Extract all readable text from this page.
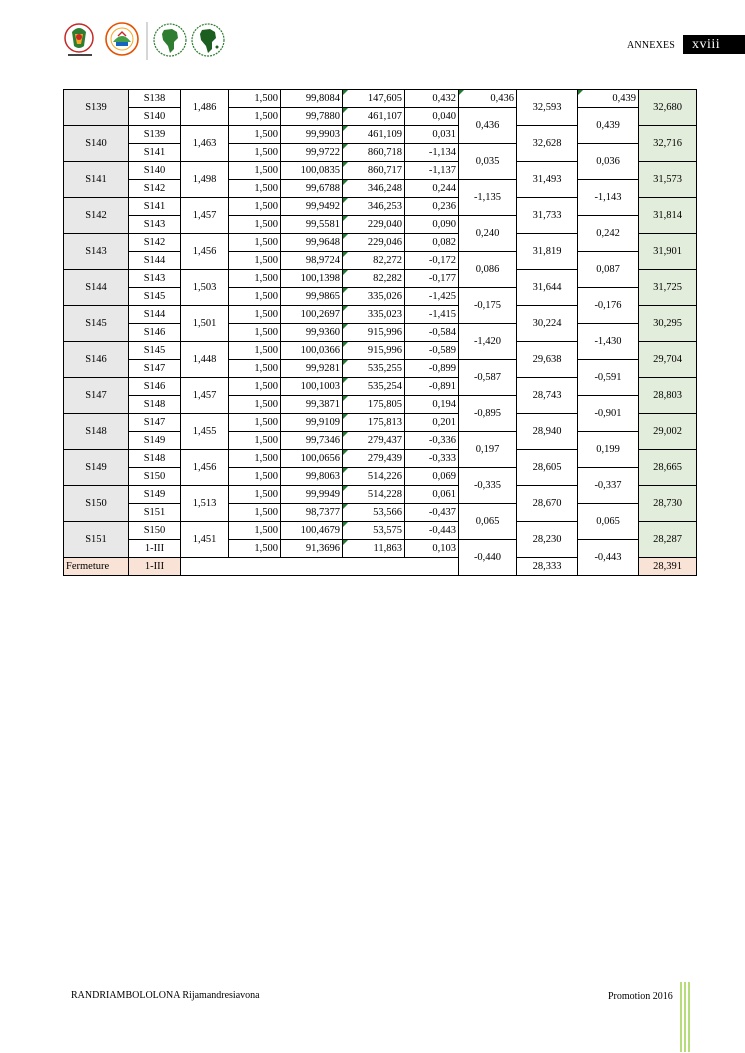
ANNEXES	xviii
S139	S138	1,486	1,500	99,8084	147,605	0,432	0,436	32,593	0,439	32,680
	S140		1,500	99,7880	461,107	0,040	0,436		0,439	
S140	S139	1,463	1,500	99,9903	461,109	0,031		32,628		32,716
	S141		1,500	99,9722	860,718	-1,134	0,035		0,036	
S141	S140	1,498	1,500	100,0835	860,717	-1,137		31,493		31,573
	S142		1,500	99,6788	346,248	0,244	-1,135		-1,143	
S142	S141	1,457	1,500	99,9492	346,253	0,236		31,733		31,814
	S143		1,500	99,5581	229,040	0,090	0,240		0,242	
S143	S142	1,456	1,500	99,9648	229,046	0,082		31,819		31,901
	S144		1,500	98,9724	82,272	-0,172	0,086		0,087	
S144	S143	1,503	1,500	100,1398	82,282	-0,177		31,644		31,725
	S145		1,500	99,9865	335,026	-1,425	-0,175		-0,176	
S145	S144	1,501	1,500	100,2697	335,023	-1,415		30,224		30,295
	S146		1,500	99,9360	915,996	-0,584	-1,420		-1,430	
S146	S145	1,448	1,500	100,0366	915,996	-0,589		29,638		29,704
	S147		1,500	99,9281	535,255	-0,899	-0,587		-0,591	
S147	S146	1,457	1,500	100,1003	535,254	-0,891		28,743		28,803
	S148		1,500	99,3871	175,805	0,194	-0,895		-0,901	
S148	S147	1,455	1,500	99,9109	175,813	0,201		28,940		29,002
	S149		1,500	99,7346	279,437	-0,336	0,197		0,199	
S149	S148	1,456	1,500	100,0656	279,439	-0,333		28,605		28,665
	S150		1,500	99,8063	514,226	0,069	-0,335		-0,337	
S150	S149	1,513	1,500	99,9949	514,228	0,061		28,670		28,730
	S151		1,500	98,7377	53,566	-0,437	0,065		0,065	
S151	S150	1,451	1,500	100,4679	53,575	-0,443		28,230		28,287
	1-III		1,500	91,3696	11,863	0,103	-0,440		-0,443	
Fermeture	1-III							28,333		28,391
RANDRIAMBOLOLONA Rijamandresiavona	Promotion 2016
